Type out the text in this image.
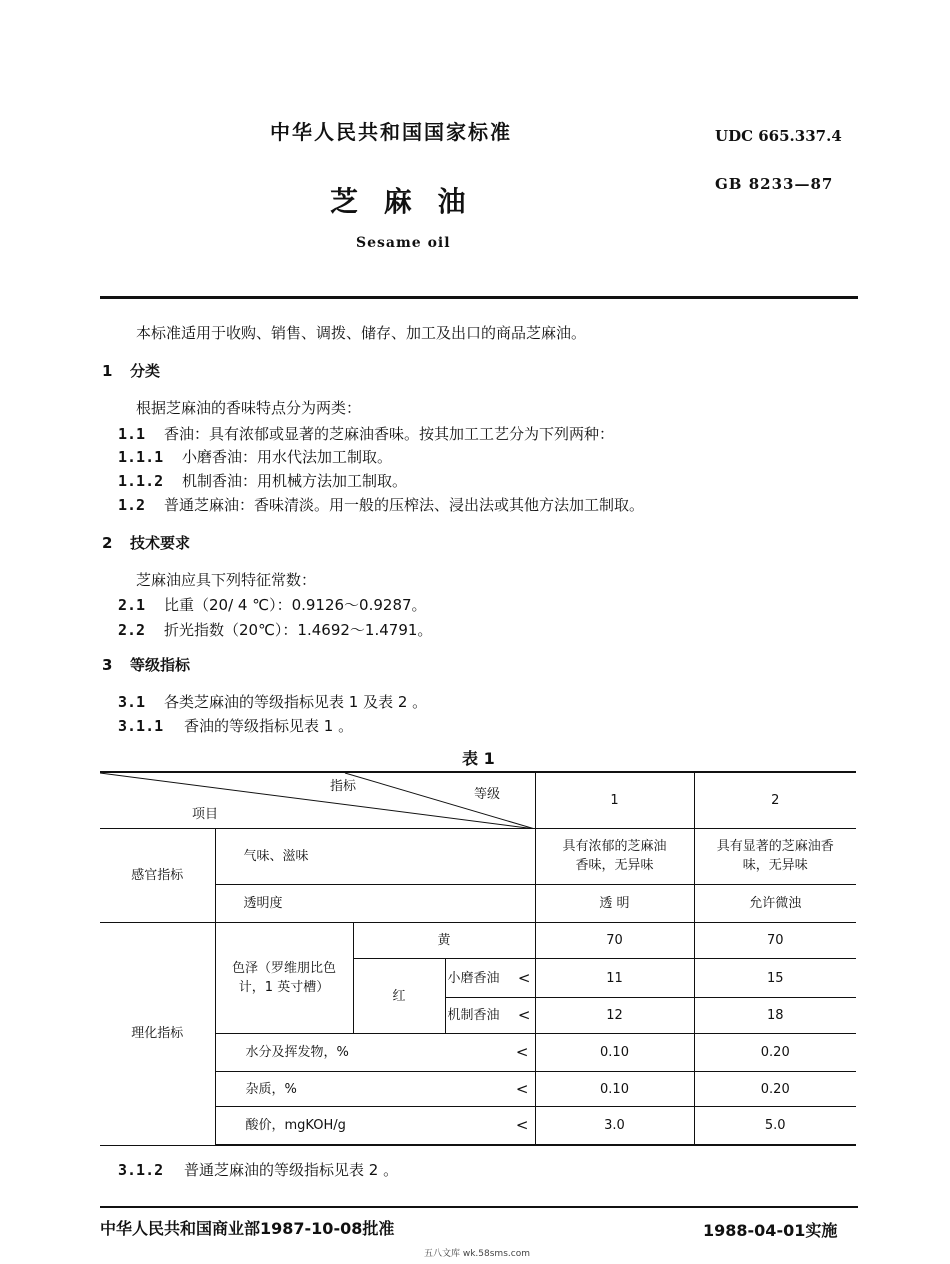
中华人民共和国国家标准	UDC 665.337.4
GB 8233—87
芝 麻 油
Sesame oil
本标准适用于收购、销售、调拨、储存、加工及出口的商品芝麻油。
1 分类
根据芝麻油的香味特点分为两类：
1.1 香油：具有浓郁或显著的芝麻油香味。按其加工工艺分为下列两种：
1.1.1 小磨香油：用水代法加工制取。
1.1.2 机制香油：用机械方法加工制取。
1.2 普通芝麻油：香味清淡。用一般的压榨法、浸出法或其他方法加工制取。
2 技术要求
芝麻油应具下列特征常数：
2.1 比重（20/ 4 ℃）：0.9126～0.9287。
2.2 折光指数（20℃）：1.4692～1.4791。
3 等级指标
3.1 各类芝麻油的等级指标见表 1 及表 2 。
3.1.1 香油的等级指标见表 1 。
表 1
指标
等级
项目				1	2
感官指标	气味、滋味			具有浓郁的芝麻油香味，无异味	具有显著的芝麻油香味，无异味
	透明度			透 明	允许微浊
理化指标	色泽（罗维朋比色计，1 英寸槽）	黄		70	70
		红	小磨香油 <	11	15

			机制香油 <	12	18

	水分及挥发物，% <			0.10	0.20

	杂质，% <			0.10	0.20

	酸价，mgKOH/g <			3.0	5.0
3.1.2 普通芝麻油的等级指标见表 2 。
中华人民共和国商业部1987-10-08批准	1988-04-01实施
五八文库 wk.58sms.com
